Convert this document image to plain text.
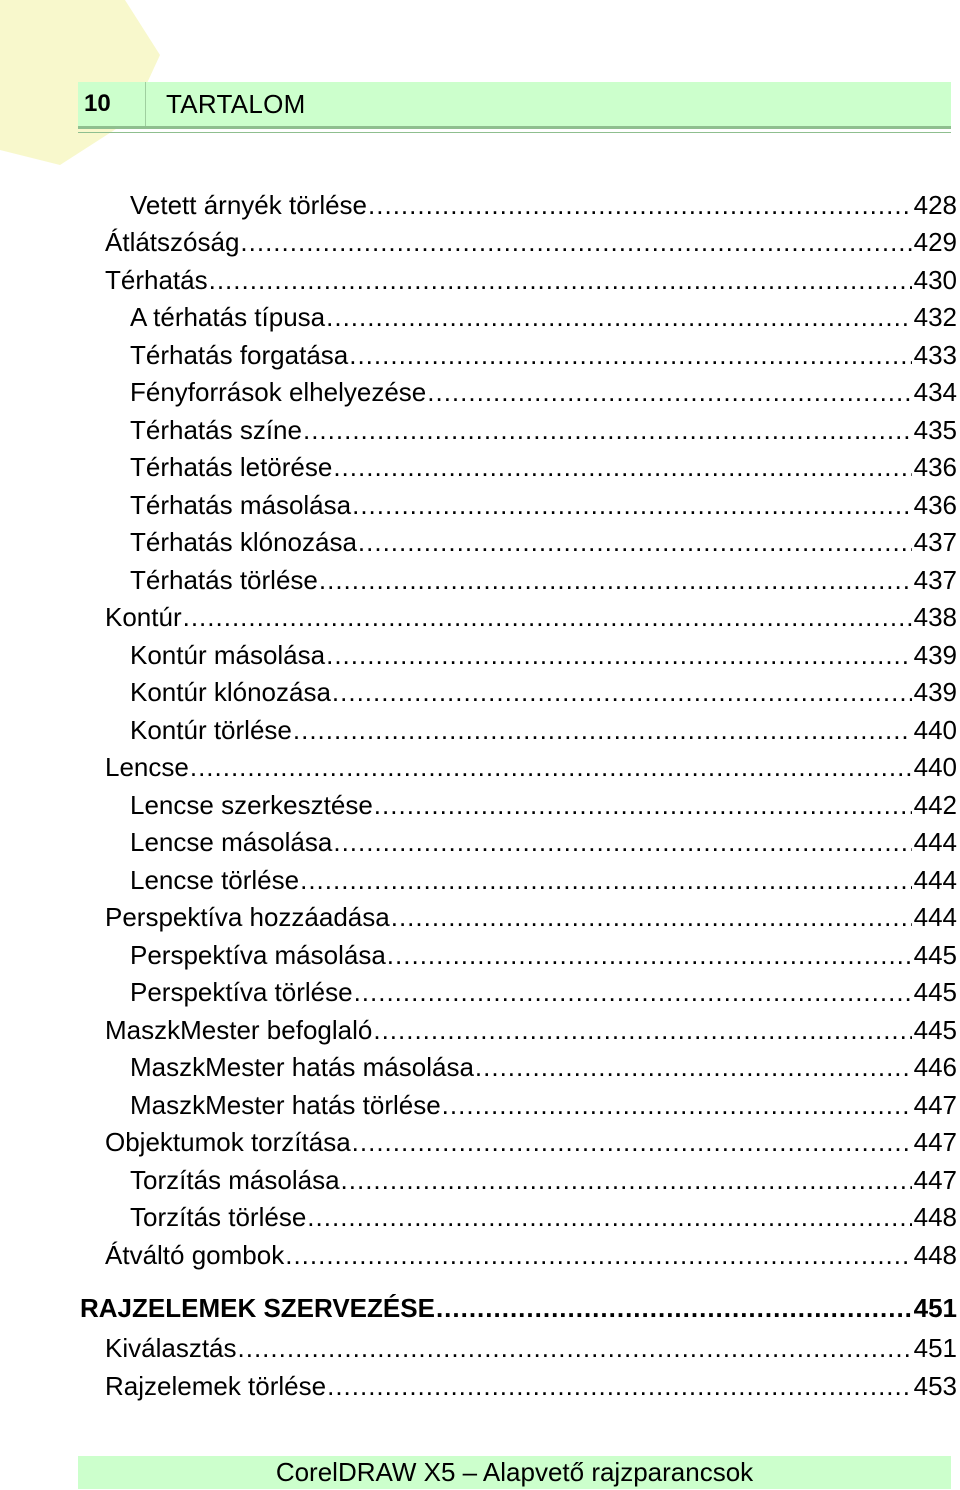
10	TARTALOM
Vetett árnyék törlése .....	428
Átlátszóság .....	429
Térhatás .....	430
A térhatás típusa .....	432
Térhatás forgatása .....	433
Fényforrások elhelyezése .....	434
Térhatás színe .....	435
Térhatás letörése .....	436
Térhatás másolása .....	436
Térhatás klónozása .....	437
Térhatás törlése .....	437
Kontúr .....	438
Kontúr másolása .....	439
Kontúr klónozása .....	439
Kontúr törlése .....	440
Lencse .....	440
Lencse szerkesztése .....	442
Lencse másolása .....	444
Lencse törlése .....	444
Perspektíva hozzáadása .....	444
Perspektíva másolása .....	445
Perspektíva törlése .....	445
MaszkMester befoglaló .....	445
MaszkMester hatás másolása .....	446
MaszkMester hatás törlése .....	447
Objektumok torzítása .....	447
Torzítás másolása .....	447
Torzítás törlése .....	448
Átváltó gombok .....	448
RAJZELEMEK SZERVEZÉSE .....	451
Kiválasztás .....	451
Rajzelemek törlése .....	453
CorelDRAW X5 – Alapvető rajzparancsok
